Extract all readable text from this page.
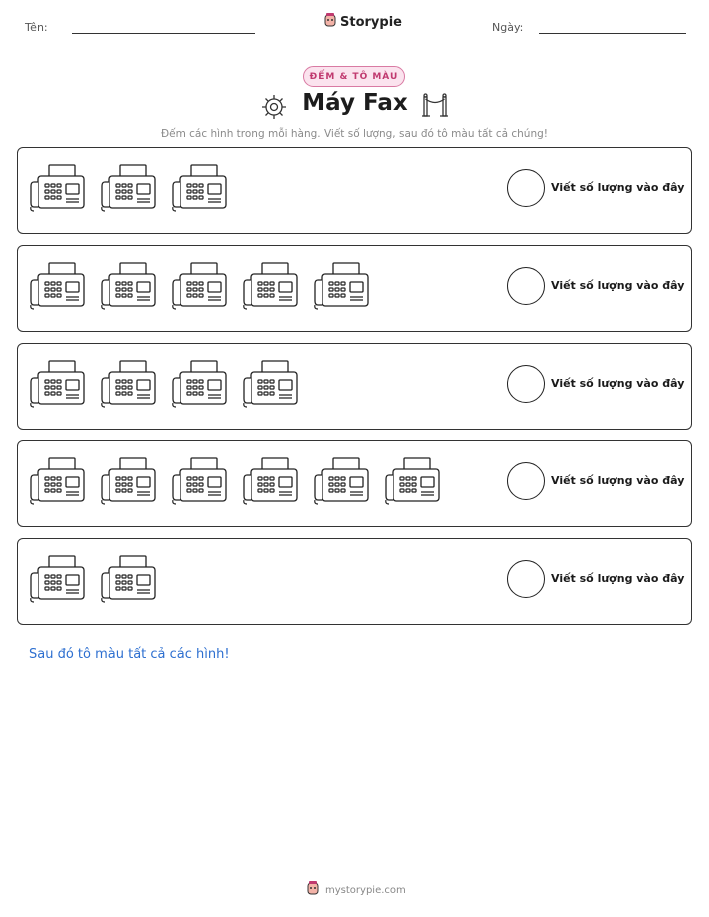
Tên:	Storypie	Ngày:
ĐẾM & TÔ MÀU
Máy Fax
Đếm các hình trong mỗi hàng. Viết số lượng, sau đó tô màu tất cả chúng!
Viết số lượng vào đây
Viết số lượng vào đây
Viết số lượng vào đây
Viết số lượng vào đây
Viết số lượng vào đây
Sau đó tô màu tất cả các hình!
mystorypie.com
